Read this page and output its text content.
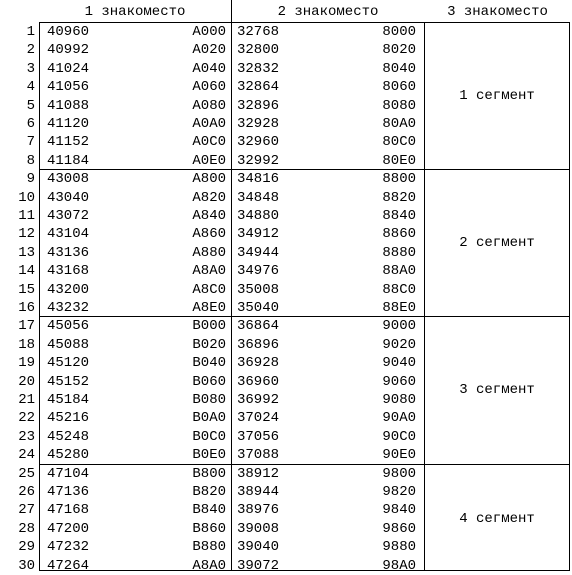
1 знакоместо	2 знакоместо	3 знакоместо
1 40960	A000 32768	8000
2 40992	A020 32800	8020
3 41024	A040 32832	8040
4 41056	A060 32864	8060
5 41088	A080 32896	8080
6 41120	A0A0 32928	80A0
7 41152	A0C0 32960	80C0
8 41184	A0E0 32992	80E0
1 сегмент
9 43008	A800 34816	8800
10 43040	A820 34848	8820
11 43072	A840 34880	8840
12 43104	A860 34912	8860
13 43136	A880 34944	8880
14 43168	A8A0 34976	88A0
15 43200	A8C0 35008	88C0
16 43232	A8E0 35040	88E0
2 сегмент
17 45056	B000 36864	9000
18 45088	B020 36896	9020
19 45120	B040 36928	9040
20 45152	B060 36960	9060
21 45184	B080 36992	9080
22 45216	B0A0 37024	90A0
23 45248	B0C0 37056	90C0
24 45280	B0E0 37088	90E0
3 сегмент
25 47104	B800 38912	9800
26 47136	B820 38944	9820
27 47168	B840 38976	9840
28 47200	B860 39008	9860
29 47232	B880 39040	9880
30 47264	A8A0 39072	98A0
4 сегмент
